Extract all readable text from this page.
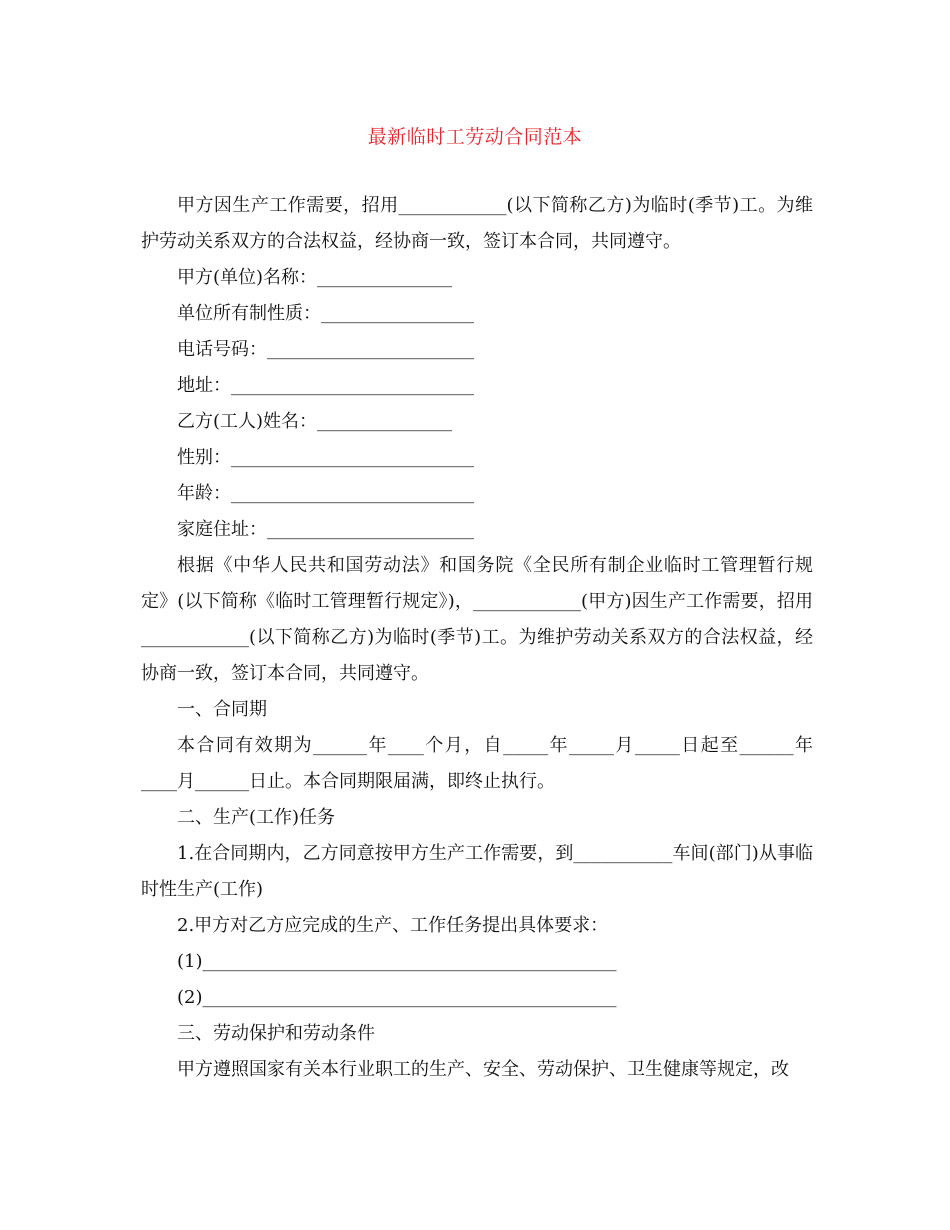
最新临时工劳动合同范本
甲方因生产工作需要，招用____________(以下简称乙方)为临时(季节)工。为维护劳动关系双方的合法权益，经协商一致，签订本合同，共同遵守。
甲方(单位)名称：_______________
单位所有制性质：_________________
电话号码：_______________________
地址：___________________________
乙方(工人)姓名：_______________
性别：___________________________
年龄：___________________________
家庭住址：_______________________
根据《中华人民共和国劳动法》和国务院《全民所有制企业临时工管理暂行规定》(以下简称《临时工管理暂行规定》)，____________(甲方)因生产工作需要，招用____________(以下简称乙方)为临时(季节)工。为维护劳动关系双方的合法权益，经协商一致，签订本合同，共同遵守。
一、合同期
本合同有效期为______年____个月，自_____年_____月_____日起至______年____月______日止。本合同期限届满，即终止执行。
二、生产(工作)任务
1.在合同期内，乙方同意按甲方生产工作需要，到___________车间(部门)从事临时性生产(工作)
2.甲方对乙方应完成的生产、工作任务提出具体要求：
(1)______________________________________________
(2)______________________________________________
三、劳动保护和劳动条件
甲方遵照国家有关本行业职工的生产、安全、劳动保护、卫生健康等规定，改
